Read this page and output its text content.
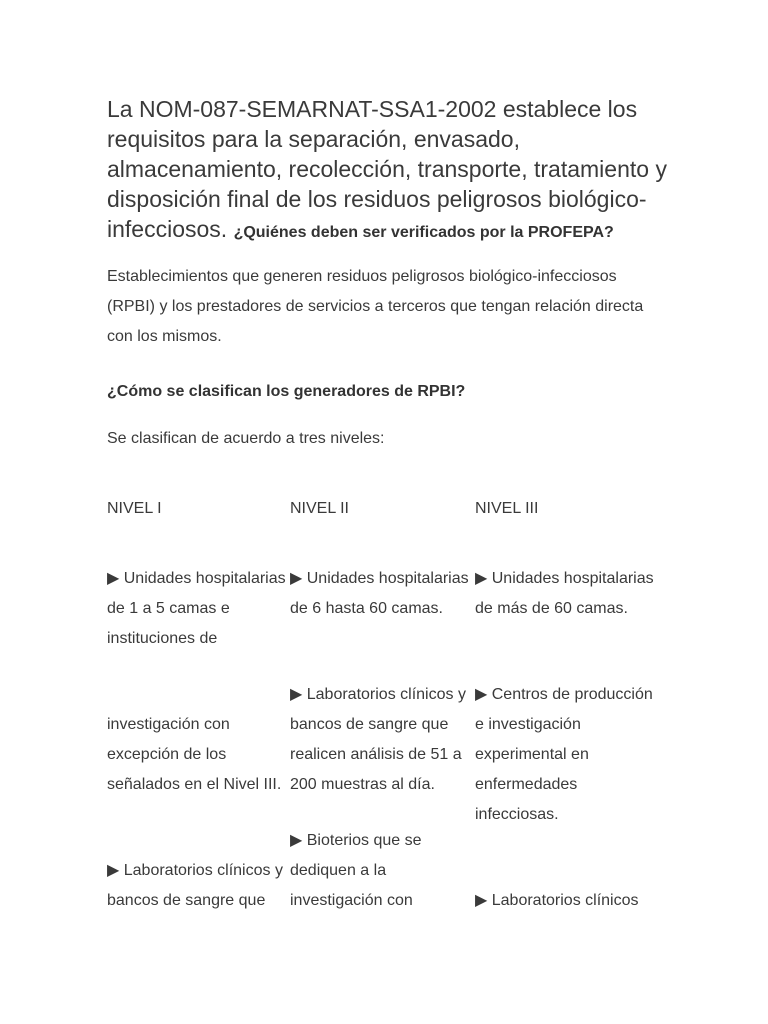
La NOM-087-SEMARNAT-SSA1-2002 establece los requisitos para la separación, envasado, almacenamiento, recolección, transporte, tratamiento y disposición final de los residuos peligrosos biológico-infecciosos. ¿Quiénes deben ser verificados por la PROFEPA?

Establecimientos que generen residuos peligrosos biológico-infecciosos (RPBI) y los prestadores de servicios a terceros que tengan relación directa con los mismos.

¿Cómo se clasifican los generadores de RPBI?

Se clasifican de acuerdo a tres niveles:

NIVEL I	NIVEL II	NIVEL III

▶ Unidades hospitalarias de 1 a 5 camas e instituciones de

investigación con excepción de los señalados en el Nivel III.

▶ Laboratorios clínicos y bancos de sangre que

▶ Unidades hospitalarias de 6 hasta 60 camas.

▶ Laboratorios clínicos y bancos de sangre que realicen análisis de 51 a 200 muestras al día.

▶ Bioterios que se dediquen a la investigación con

▶ Unidades hospitalarias de más de 60 camas.

▶ Centros de producción e investigación experimental en enfermedades infecciosas.

▶ Laboratorios clínicos
